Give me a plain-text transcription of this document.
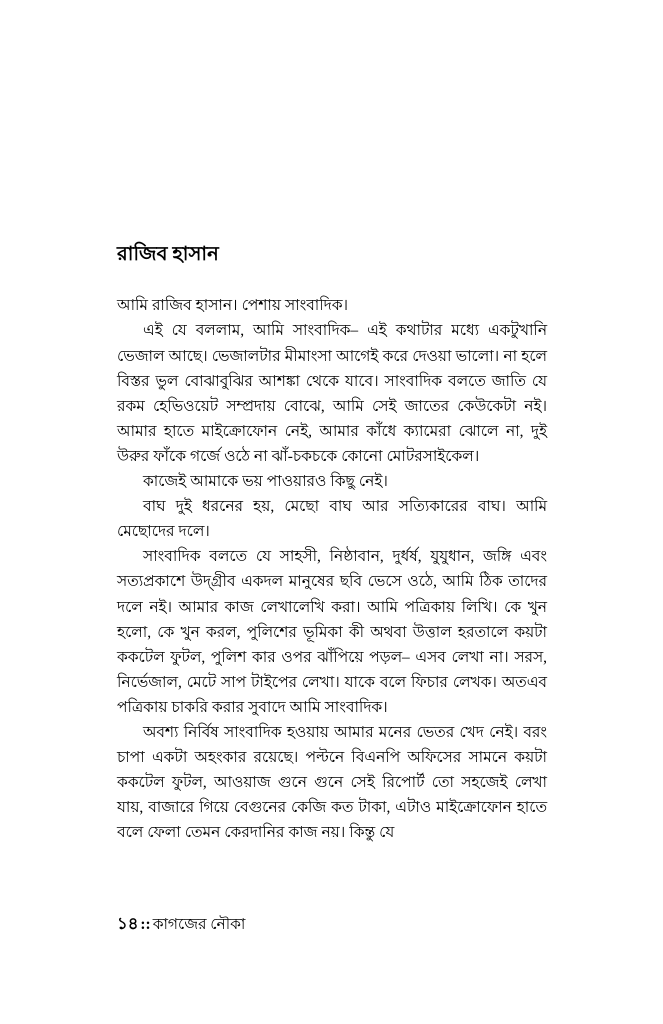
রাজিব হাসান

আমি রাজিব হাসান। পেশায় সাংবাদিক।

এই যে বললাম, আমি সাংবাদিক– এই কথাটার মধ্যে একটুখানি ভেজাল আছে। ভেজালটার মীমাংসা আগেই করে দেওয়া ভালো। না হলে বিস্তর ভুল বোঝাবুঝির আশঙ্কা থেকে যাবে। সাংবাদিক বলতে জাতি যে রকম হেভিওয়েট সম্প্রদায় বোঝে, আমি সেই জাতের কেউকেটা নই। আমার হাতে মাইক্রোফোন নেই, আমার কাঁধে ক্যামেরা ঝোলে না, দুই উরুর ফাঁকে গর্জে ওঠে না ঝাঁ-চকচকে কোনো মোটরসাইকেল।

কাজেই আমাকে ভয় পাওয়ারও কিছু নেই।

বাঘ দুই ধরনের হয়, মেছো বাঘ আর সত্যিকারের বাঘ। আমি মেছোদের দলে।

সাংবাদিক বলতে যে সাহসী, নিষ্ঠাবান, দুর্ধর্ষ, যুযুধান, জঙ্গি এবং সত্যপ্রকাশে উদ্‌গ্রীব একদল মানুষের ছবি ভেসে ওঠে, আমি ঠিক তাদের দলে নই। আমার কাজ লেখালেখি করা। আমি পত্রিকায় লিখি। কে খুন হলো, কে খুন করল, পুলিশের ভূমিকা কী অথবা উত্তাল হরতালে কয়টা ককটেল ফুটল, পুলিশ কার ওপর ঝাঁপিয়ে পড়ল– এসব লেখা না। সরস, নির্ভেজাল, মেটে সাপ টাইপের লেখা। যাকে বলে ফিচার লেখক। অতএব পত্রিকায় চাকরি করার সুবাদে আমি সাংবাদিক।

অবশ্য নির্বিষ সাংবাদিক হওয়ায় আমার মনের ভেতর খেদ নেই। বরং চাপা একটা অহংকার রয়েছে। পল্টনে বিএনপি অফিসের সামনে কয়টা ককটেল ফুটল, আওয়াজ গুনে গুনে সেই রিপোর্ট তো সহজেই লেখা যায়, বাজারে গিয়ে বেগুনের কেজি কত টাকা, এটাও মাইক্রোফোন হাতে বলে ফেলা তেমন কেরদানির কাজ নয়। কিন্তু যে

১৪ :: কাগজের নৌকা
